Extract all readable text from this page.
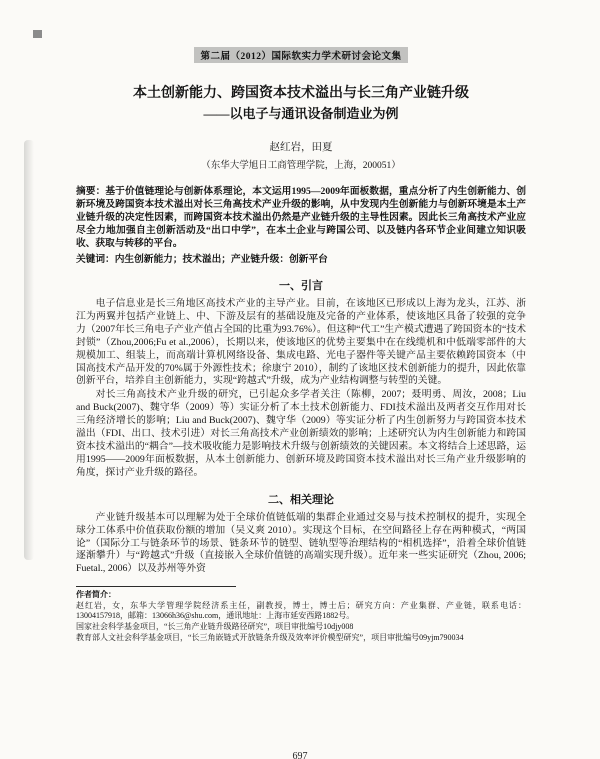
第二届（2012）国际软实力学术研讨会论文集
本土创新能力、跨国资本技术溢出与长三角产业链升级
——以电子与通讯设备制造业为例
赵红岩，田夏
（东华大学旭日工商管理学院，上海，200051）

摘要：基于价值链理论与创新体系理论，本文运用1995—2009年面板数据，重点分析了内生创新能力、创新环境及跨国资本技术溢出对长三角高技术产业升级的影响，从中发现内生创新能力与创新环境是本土产业链升级的决定性因素，而跨国资本技术溢出仍然是产业链升级的主导性因素。因此长三角高技术产业应尽全力地加强自主创新活动及“出口中学”，在本土企业与跨国公司、以及链内各环节企业间建立知识吸收、获取与转移的平台。

关键词：内生创新能力；技术溢出；产业链升级：创新平台

一、引言

电子信息业是长三角地区高技术产业的主导产业。目前，在该地区已形成以上海为龙头，江苏、浙江为两翼并包括产业链上、中、下游及层有的基础设施及完备的产业体系，使该地区具备了较强的竞争力（2007年长三角电子产业产值占全国的比重为93.76%）。但这种“代工”生产模式遭遇了跨国资本的“技术封锁”（Zhou,2006;Fu et al.,2006），长期以来，使该地区的优势主要集中在在线缆机和中低端零部件的大规模加工、组装上，而高端计算机网络设备、集成电路、光电子器件等关键产品主要依赖跨国资本（中国高技术产品开发的70%属于外源性技术；徐康宁 2010），制约了该地区技术创新能力的提升，因此依靠创新平台，培养自主创新能力，实现“跨越式”升级，成为产业结构调整与转型的关键。

对长三角高技术产业升级的研究，已引起众多学者关注（陈柳，2007；聂明勇、周汝，2008；Liu and Buck(2007)、魏守华（2009）等）实证分析了本土技术创新能力、FDI技术溢出及两者交互作用对长三角经济增长的影响；Liu and Buck(2007)、魏守华（2009）等实证分析了内生创新努力与跨国资本技术溢出（FDI、出口、技术引进）对长三角高技术产业创新绩效的影响；上述研究认为内生创新能力和跨国资本技术溢出的“耦合”—技术吸收能力是影响技术升级与创新绩效的关键因素。本文将结合上述思路，运用1995——2009年面板数据，从本土创新能力、创新环境及跨国资本技术溢出对长三角产业升级影响的角度，探讨产业升级的路径。

二、相关理论

产业链升级基本可以理解为处于全球价值链低端的集群企业通过交易与技术控制权的提升，实现全球分工体系中价值获取份额的增加（吴义爽 2010）。实现这个目标，在空间路径上存在两种模式，“两国论”（国际分工与链条环节的场景、链条环节的链型、链轨型等治理结构的“相机选择”，沿着全球价值链逐渐攀升）与“跨越式”升级（直接嵌入全球价值链的高端实现升级）。近年来一些实证研究（Zhou, 2006; Fuetal., 2006）以及苏州等外资

作者简介：

赵红岩，女，东华大学管理学院经济系主任，副教授，博士，博士后；研究方向：产业集群、产业链，联系电话：13004157918，邮箱：13066h36@shu.com，通讯地址：上海市延安西路1882号。

国家社会科学基金项目，“长三角产业链升级路径研究”，项目审批编号10djy008

教育部人文社会科学基金项目，“长三角嵌链式开放链条升级及效率评价模型研究”，项目审批编号09yjm790034

697
